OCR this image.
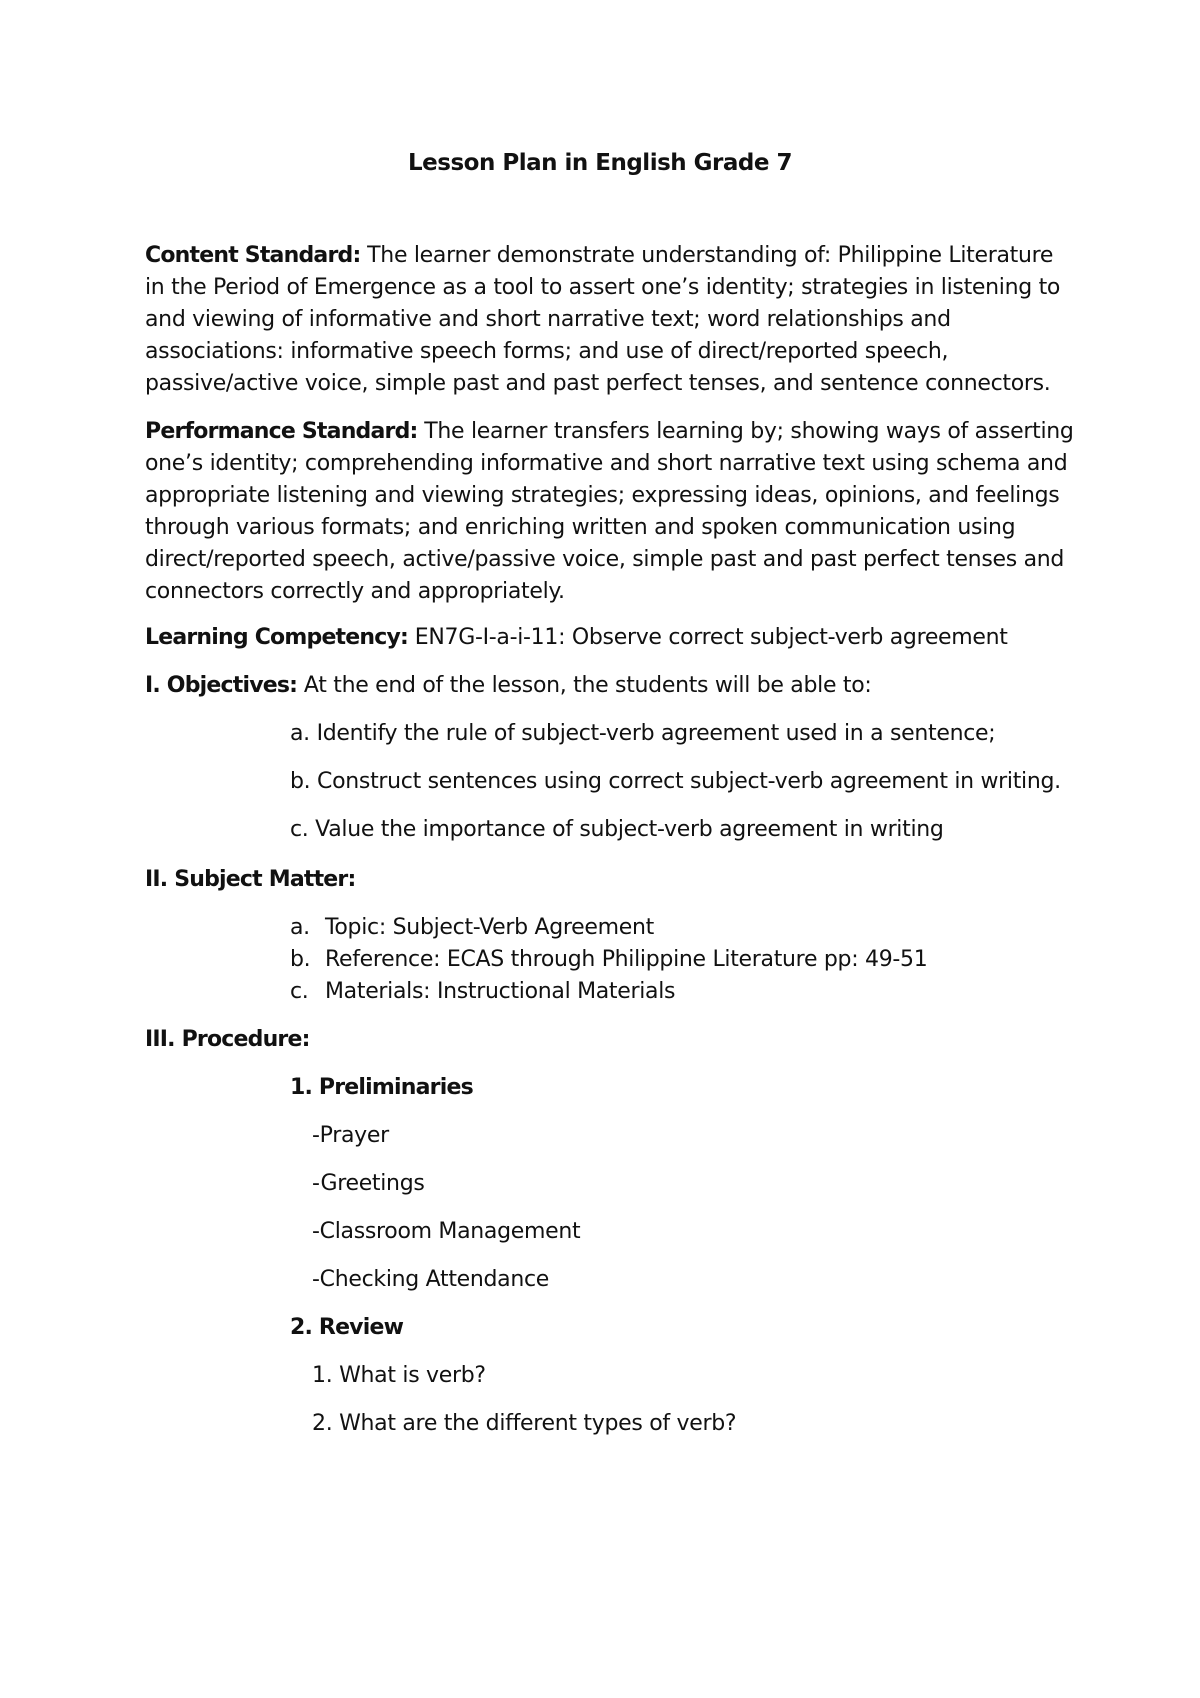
Lesson Plan in English Grade 7
Content Standard: The learner demonstrate understanding of: Philippine Literature in the Period of Emergence as a tool to assert one’s identity; strategies in listening to and viewing of informative and short narrative text; word relationships and associations: informative speech forms; and use of direct/reported speech, passive/active voice, simple past and past perfect tenses, and sentence connectors.
Performance Standard: The learner transfers learning by; showing ways of asserting one’s identity; comprehending informative and short narrative text using schema and appropriate listening and viewing strategies; expressing ideas, opinions, and feelings through various formats; and enriching written and spoken communication using direct/reported speech, active/passive voice, simple past and past perfect tenses and connectors correctly and appropriately.
Learning Competency: EN7G-I-a-i-11: Observe correct subject-verb agreement
I. Objectives: At the end of the lesson, the students will be able to:
a. Identify the rule of subject-verb agreement used in a sentence;
b. Construct sentences using correct subject-verb agreement in writing.
c. Value the importance of subject-verb agreement in writing
II. Subject Matter:
a. Topic: Subject-Verb Agreement
b. Reference: ECAS through Philippine Literature pp: 49-51
c. Materials: Instructional Materials
III. Procedure:
1. Preliminaries
-Prayer
-Greetings
-Classroom Management
-Checking Attendance
2. Review
1. What is verb?
2. What are the different types of verb?
